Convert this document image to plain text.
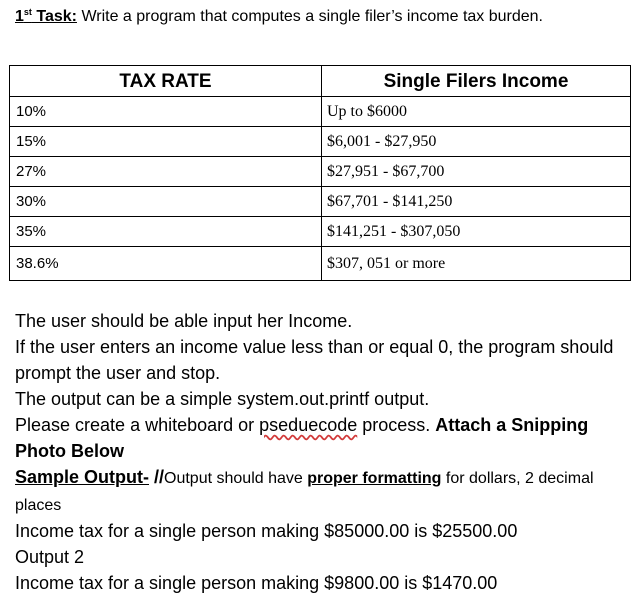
1st Task: Write a program that computes a single filer’s income tax burden.
TAX RATE	Single Filers Income
10%	Up to $6000
15%	$6,001 - $27,950
27%	$27,951 - $67,700
30%	$67,701 - $141,250
35%	$141,251 - $307,050
38.6%	$307, 051 or more

The user should be able input her Income.

If the user enters an income value less than or equal 0, the program should prompt the user and stop.

The output can be a simple system.out.printf output.

Please create a whiteboard or pseduecode process. Attach a Snipping Photo Below

Sample Output- //Output should have proper formatting for dollars, 2 decimal places

Income tax for a single person making $85000.00 is $25500.00

Output 2

Income tax for a single person making $9800.00 is $1470.00
